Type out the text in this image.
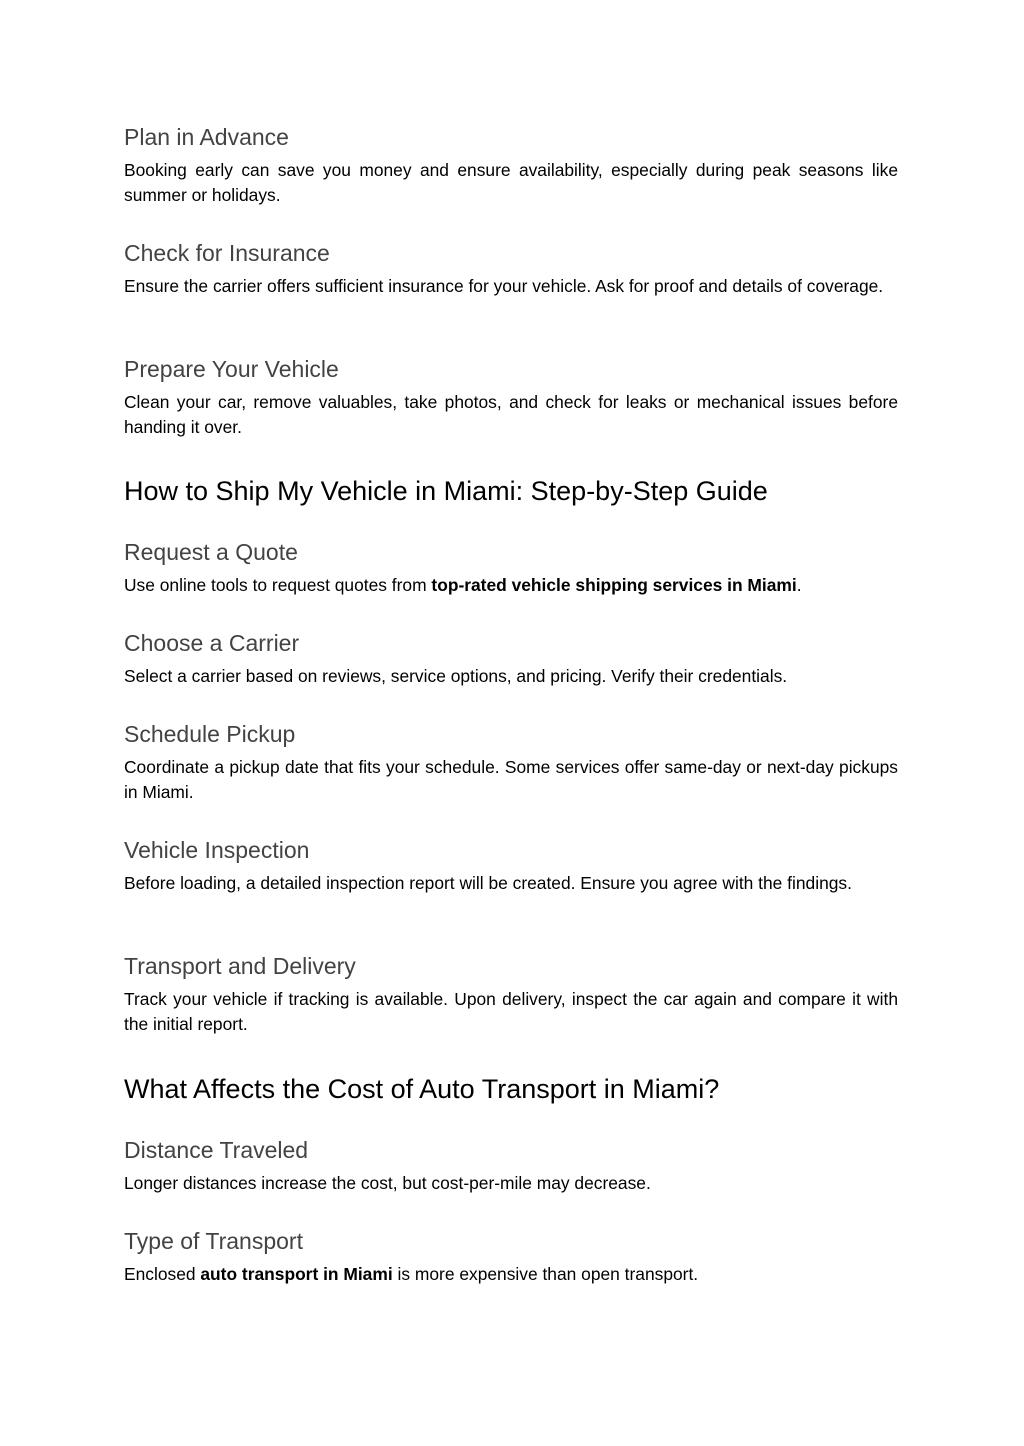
Plan in Advance

Booking early can save you money and ensure availability, especially during peak seasons like summer or holidays.

Check for Insurance

Ensure the carrier offers sufficient insurance for your vehicle. Ask for proof and details of coverage.

Prepare Your Vehicle

Clean your car, remove valuables, take photos, and check for leaks or mechanical issues before handing it over.

How to Ship My Vehicle in Miami: Step-by-Step Guide
Request a Quote

Use online tools to request quotes from top-rated vehicle shipping services in Miami.

Choose a Carrier

Select a carrier based on reviews, service options, and pricing. Verify their credentials.

Schedule Pickup

Coordinate a pickup date that fits your schedule. Some services offer same-day or next-day pickups in Miami.

Vehicle Inspection

Before loading, a detailed inspection report will be created. Ensure you agree with the findings.

Transport and Delivery

Track your vehicle if tracking is available. Upon delivery, inspect the car again and compare it with the initial report.

What Affects the Cost of Auto Transport in Miami?
Distance Traveled

Longer distances increase the cost, but cost-per-mile may decrease.

Type of Transport

Enclosed auto transport in Miami is more expensive than open transport.
